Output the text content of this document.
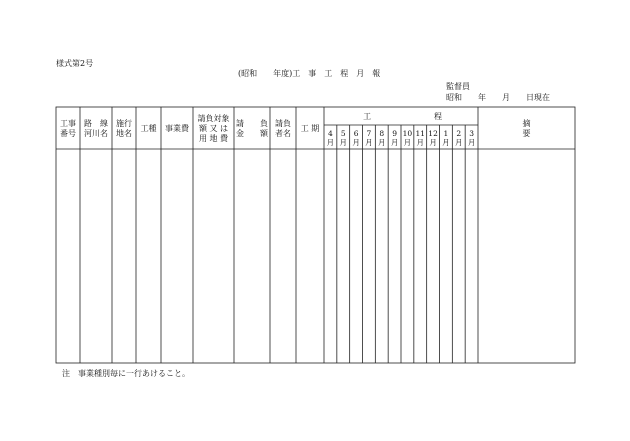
様式第2号
(昭和　　年度)工　事　工　程　月　報
監督員
昭和　　年　　月　　日現在
工事
番号
路　線
河川名
施行
地名
工種 事業費
請負対象
額 又 は
用 地 費
請　　負
金　　額
請負
者名
工 期
摘
要
工	程
4
月
5
月
6
月
7
月
8
月
9
月
10
月
11
月
12
月
1
月
2
月
3
月
注　事業種別毎に一行あけること。
